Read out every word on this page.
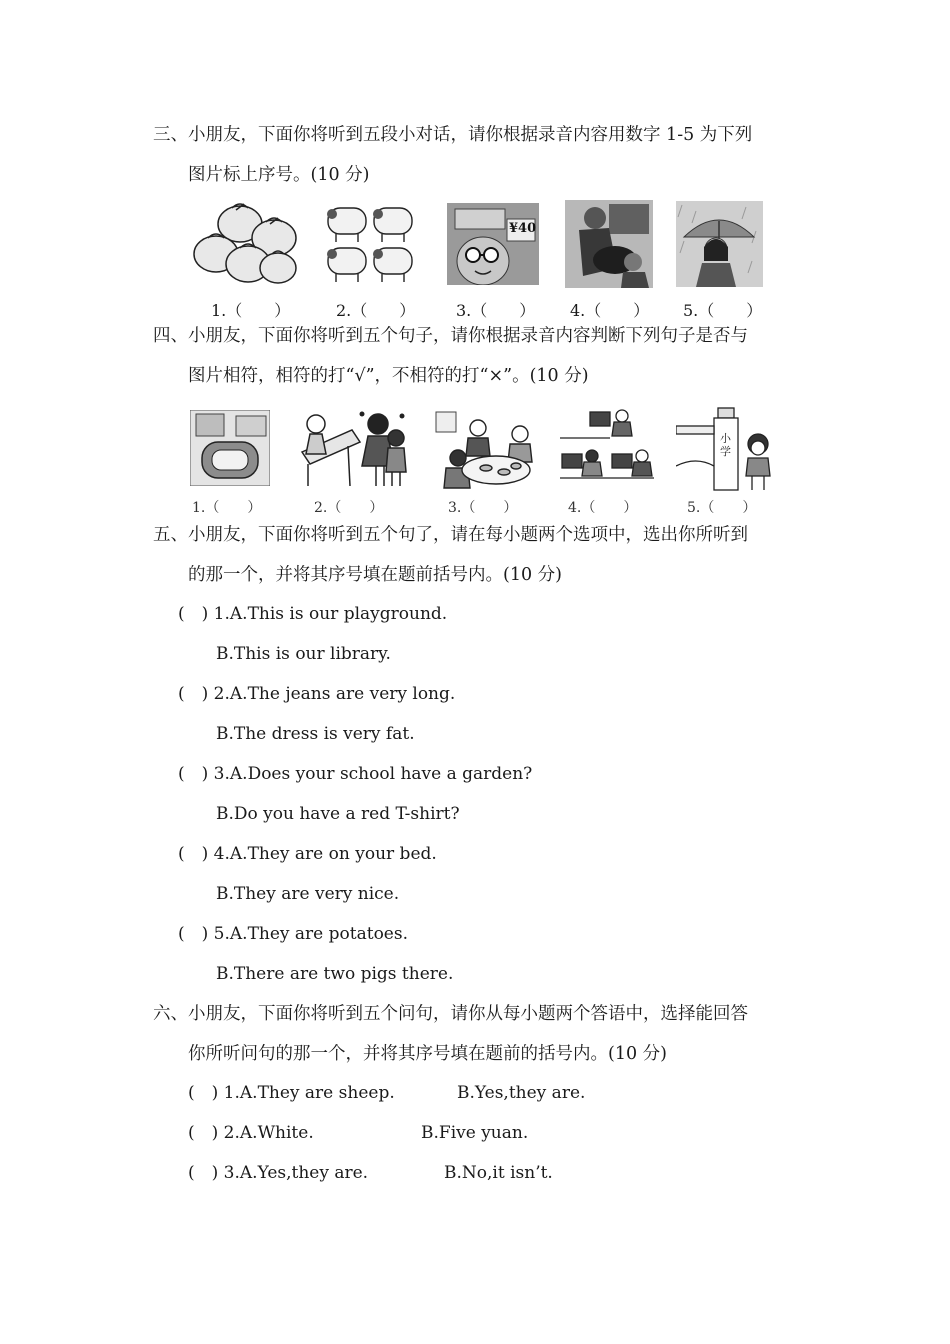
三、小朋友，下面你将听到五段小对话，请你根据录音内容用数字 1-5 为下列
图片标上序号。(10 分)
¥40
1.（　　）	2.（　　）	3.（　　） 4.（　　） 5.（　　）
四、小朋友，下面你将听到五个句子，请你根据录音内容判断下列句子是否与
图片相符，相符的打“√”，不相符的打“×”。(10 分)
小学
1.（　　）	2.（　　）	3.（　　）	4.（　　）	5.（　　）
五、小朋友，下面你将听到五个句了，请在每小题两个选项中，选出你所听到
的那一个，并将其序号填在题前括号内。(10 分)
(　) 1.A.This is our playground.
B.This is our library.
(　) 2.A.The jeans are very long.
B.The dress is very fat.
(　) 3.A.Does your school have a garden?
B.Do you have a red T-shirt?
(　) 4.A.They are on your bed.
B.They are very nice.
(　) 5.A.They are potatoes.
B.There are two pigs there.
六、小朋友，下面你将听到五个问句，请你从每小题两个答语中，选择能回答
你所听问句的那一个，并将其序号填在题前的括号内。(10 分)
(　) 1.A.They are sheep.	B.Yes,they are.
(　) 2.A.White.	B.Five yuan.
(　) 3.A.Yes,they are.	B.No,it isn’t.
